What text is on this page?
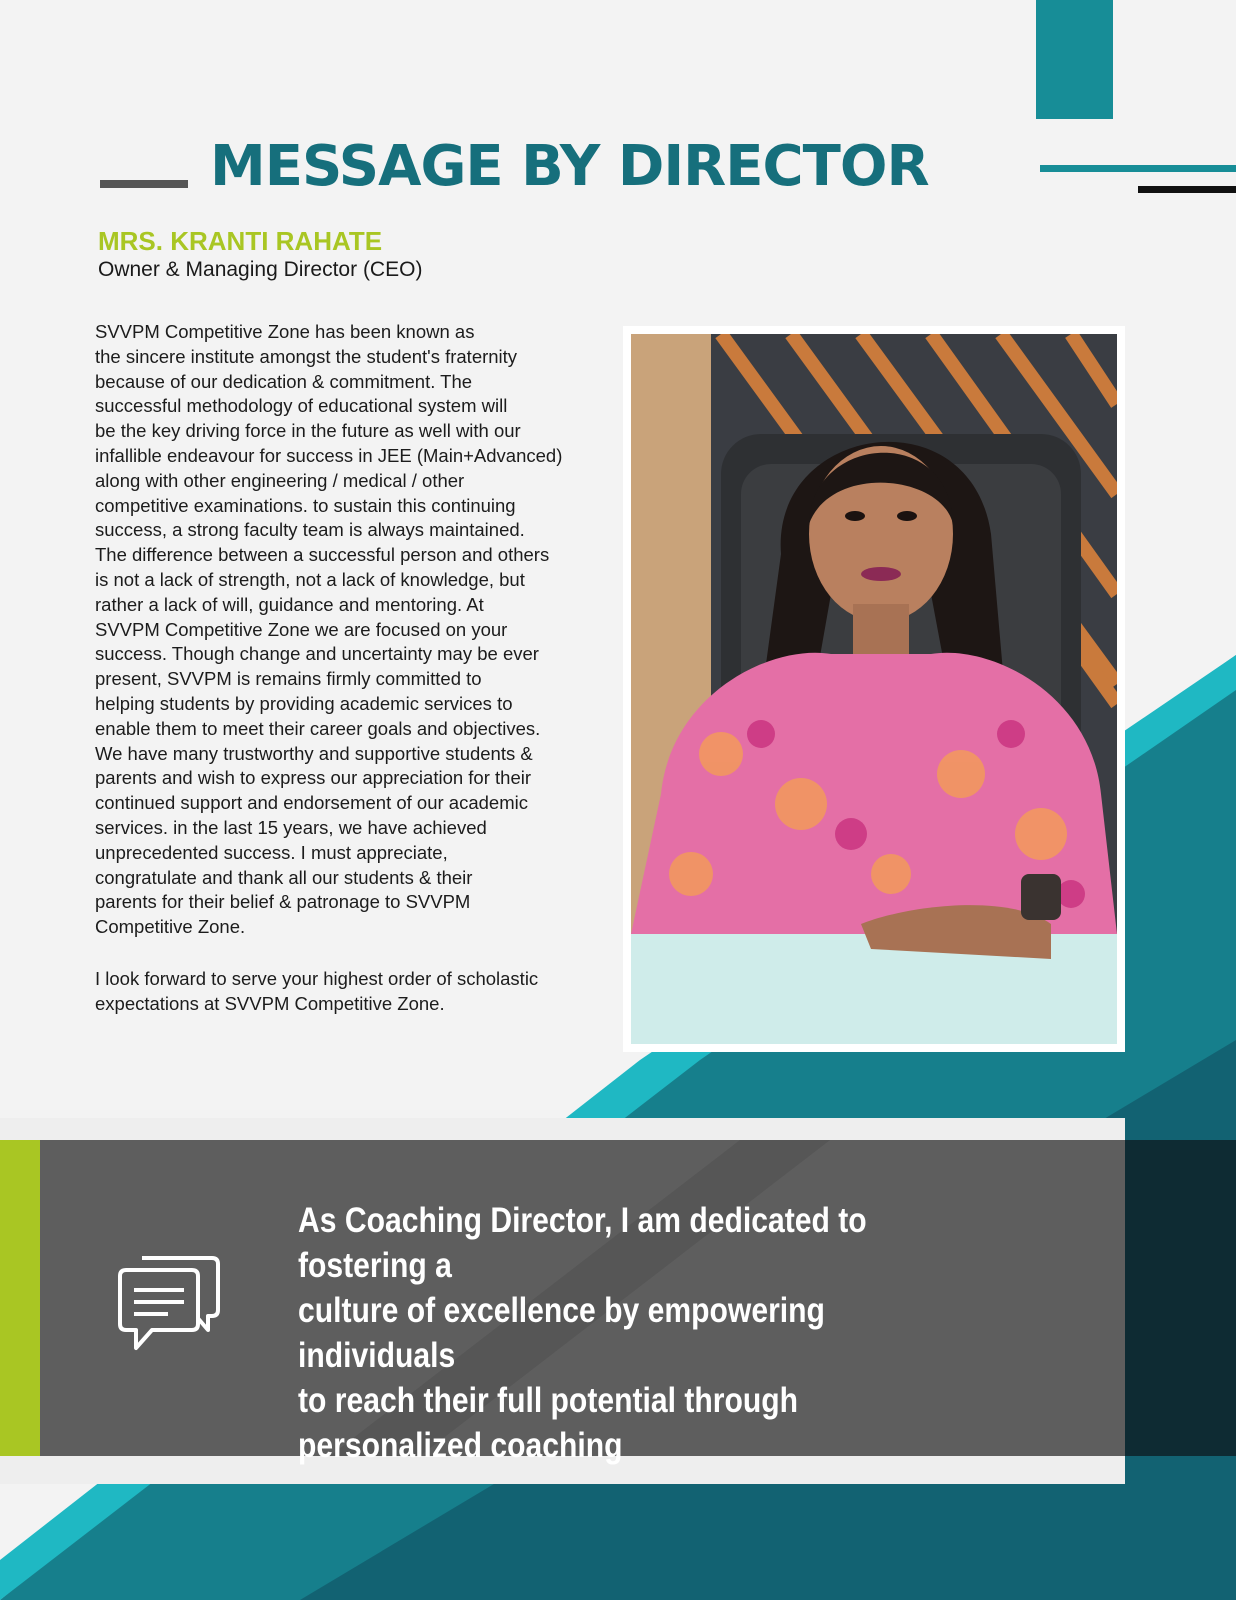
MESSAGE BY DIRECTOR
MRS. KRANTI RAHATE
Owner & Managing Director (CEO)
SVVPM Competitive Zone has been known as
the sincere institute amongst the student's fraternity
because of our dedication & commitment. The
successful methodology of educational system will
be the key driving force in the future as well with our
infallible endeavour for success in JEE (Main+Advanced)
along with other engineering / medical / other
competitive examinations. to sustain this continuing
success, a strong faculty team is always maintained.
The difference between a successful person and others
is not a lack of strength, not a lack of knowledge, but
rather a lack of will, guidance and mentoring. At
SVVPM Competitive Zone we are focused on your
success. Though change and uncertainty may be ever
present, SVVPM is remains firmly committed to
helping students by providing academic services to
enable them to meet their career goals and objectives.
We have many trustworthy and supportive students &
parents and wish to express our appreciation for their
continued support and endorsement of our academic
services. in the last 15 years, we have achieved
unprecedented success. I must appreciate,
congratulate and thank all our students & their
parents for their belief & patronage to SVVPM
Competitive Zone.
I look forward to serve your highest order of scholastic
expectations at SVVPM Competitive Zone.
As Coaching Director, I am dedicated to fostering a
culture of excellence by empowering individuals
to reach their full potential through
personalized coaching
